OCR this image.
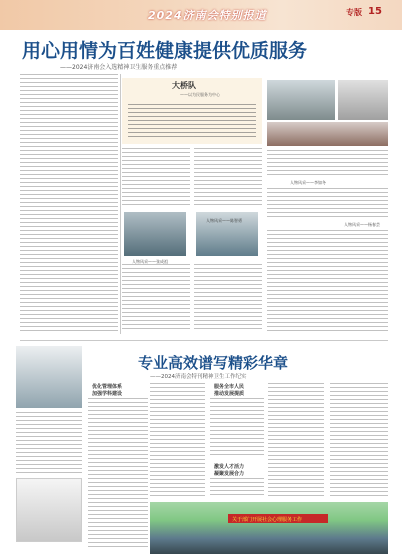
2024济南会特别报道	专版 15
用心用情为百姓健康提供优质服务
——2024济南会入选精神卫生服务重点推荐
大桥队
——以为民服务为中心
人物风采——张成祖
人物风采——陈智勇
人物风采——李如冬
人物风采——杨春芸
专业高效谱写精彩华章
——2024济南会特刊精神卫生工作纪实
优化管理体系
加强学科建设
服务全市人民
推动发展提质
激发人才活力
凝聚发展合力
关于部门开展社会心理服务工作
